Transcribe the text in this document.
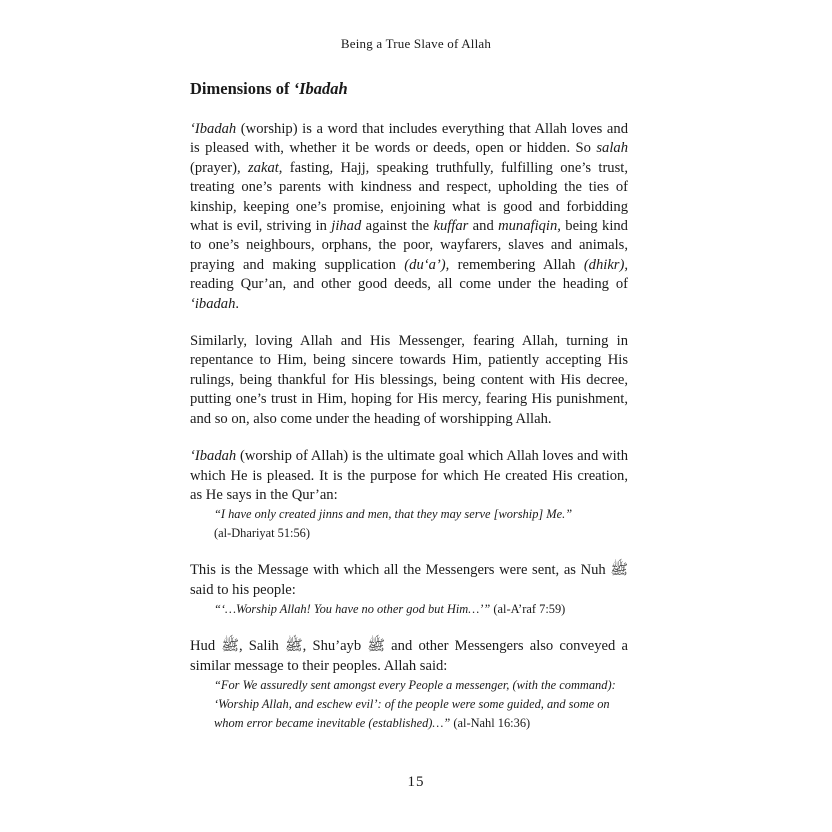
Being a True Slave of Allah
Dimensions of ‘Ibadah

‘Ibadah (worship) is a word that includes everything that Allah loves and is pleased with, whether it be words or deeds, open or hidden. So salah (prayer), zakat, fasting, Hajj, speaking truthfully, fulfilling one’s trust, treating one’s parents with kindness and respect, upholding the ties of kinship, keeping one’s promise, enjoining what is good and forbidding what is evil, striving in jihad against the kuffar and munafiqin, being kind to one’s neighbours, orphans, the poor, wayfarers, slaves and animals, praying and making supplication (du‘a’), remembering Allah (dhikr), reading Qur’an, and other good deeds, all come under the heading of ‘ibadah.

Similarly, loving Allah and His Messenger, fearing Allah, turning in repentance to Him, being sincere towards Him, patiently accepting His rulings, being thankful for His blessings, being content with His decree, putting one’s trust in Him, hoping for His mercy, fearing His punishment, and so on, also come under the heading of worshipping Allah.

‘Ibadah (worship of Allah) is the ultimate goal which Allah loves and with which He is pleased. It is the purpose for which He created His creation, as He says in the Qur’an:

“I have only created jinns and men, that they may serve [worship] Me.”
(al-Dhariyat 51:56)

This is the Message with which all the Messengers were sent, as Nuh ﷺ said to his people:

“‘…Worship Allah! You have no other god but Him…’” (al-A’raf 7:59)

Hud ﷺ, Salih ﷺ, Shu’ayb ﷺ and other Messengers also conveyed a similar message to their peoples. Allah said:

“For We assuredly sent amongst every People a messenger, (with the command): ‘Worship Allah, and eschew evil’: of the people were some guided, and some on whom error became inevitable (established)…” (al-Nahl 16:36)
15
